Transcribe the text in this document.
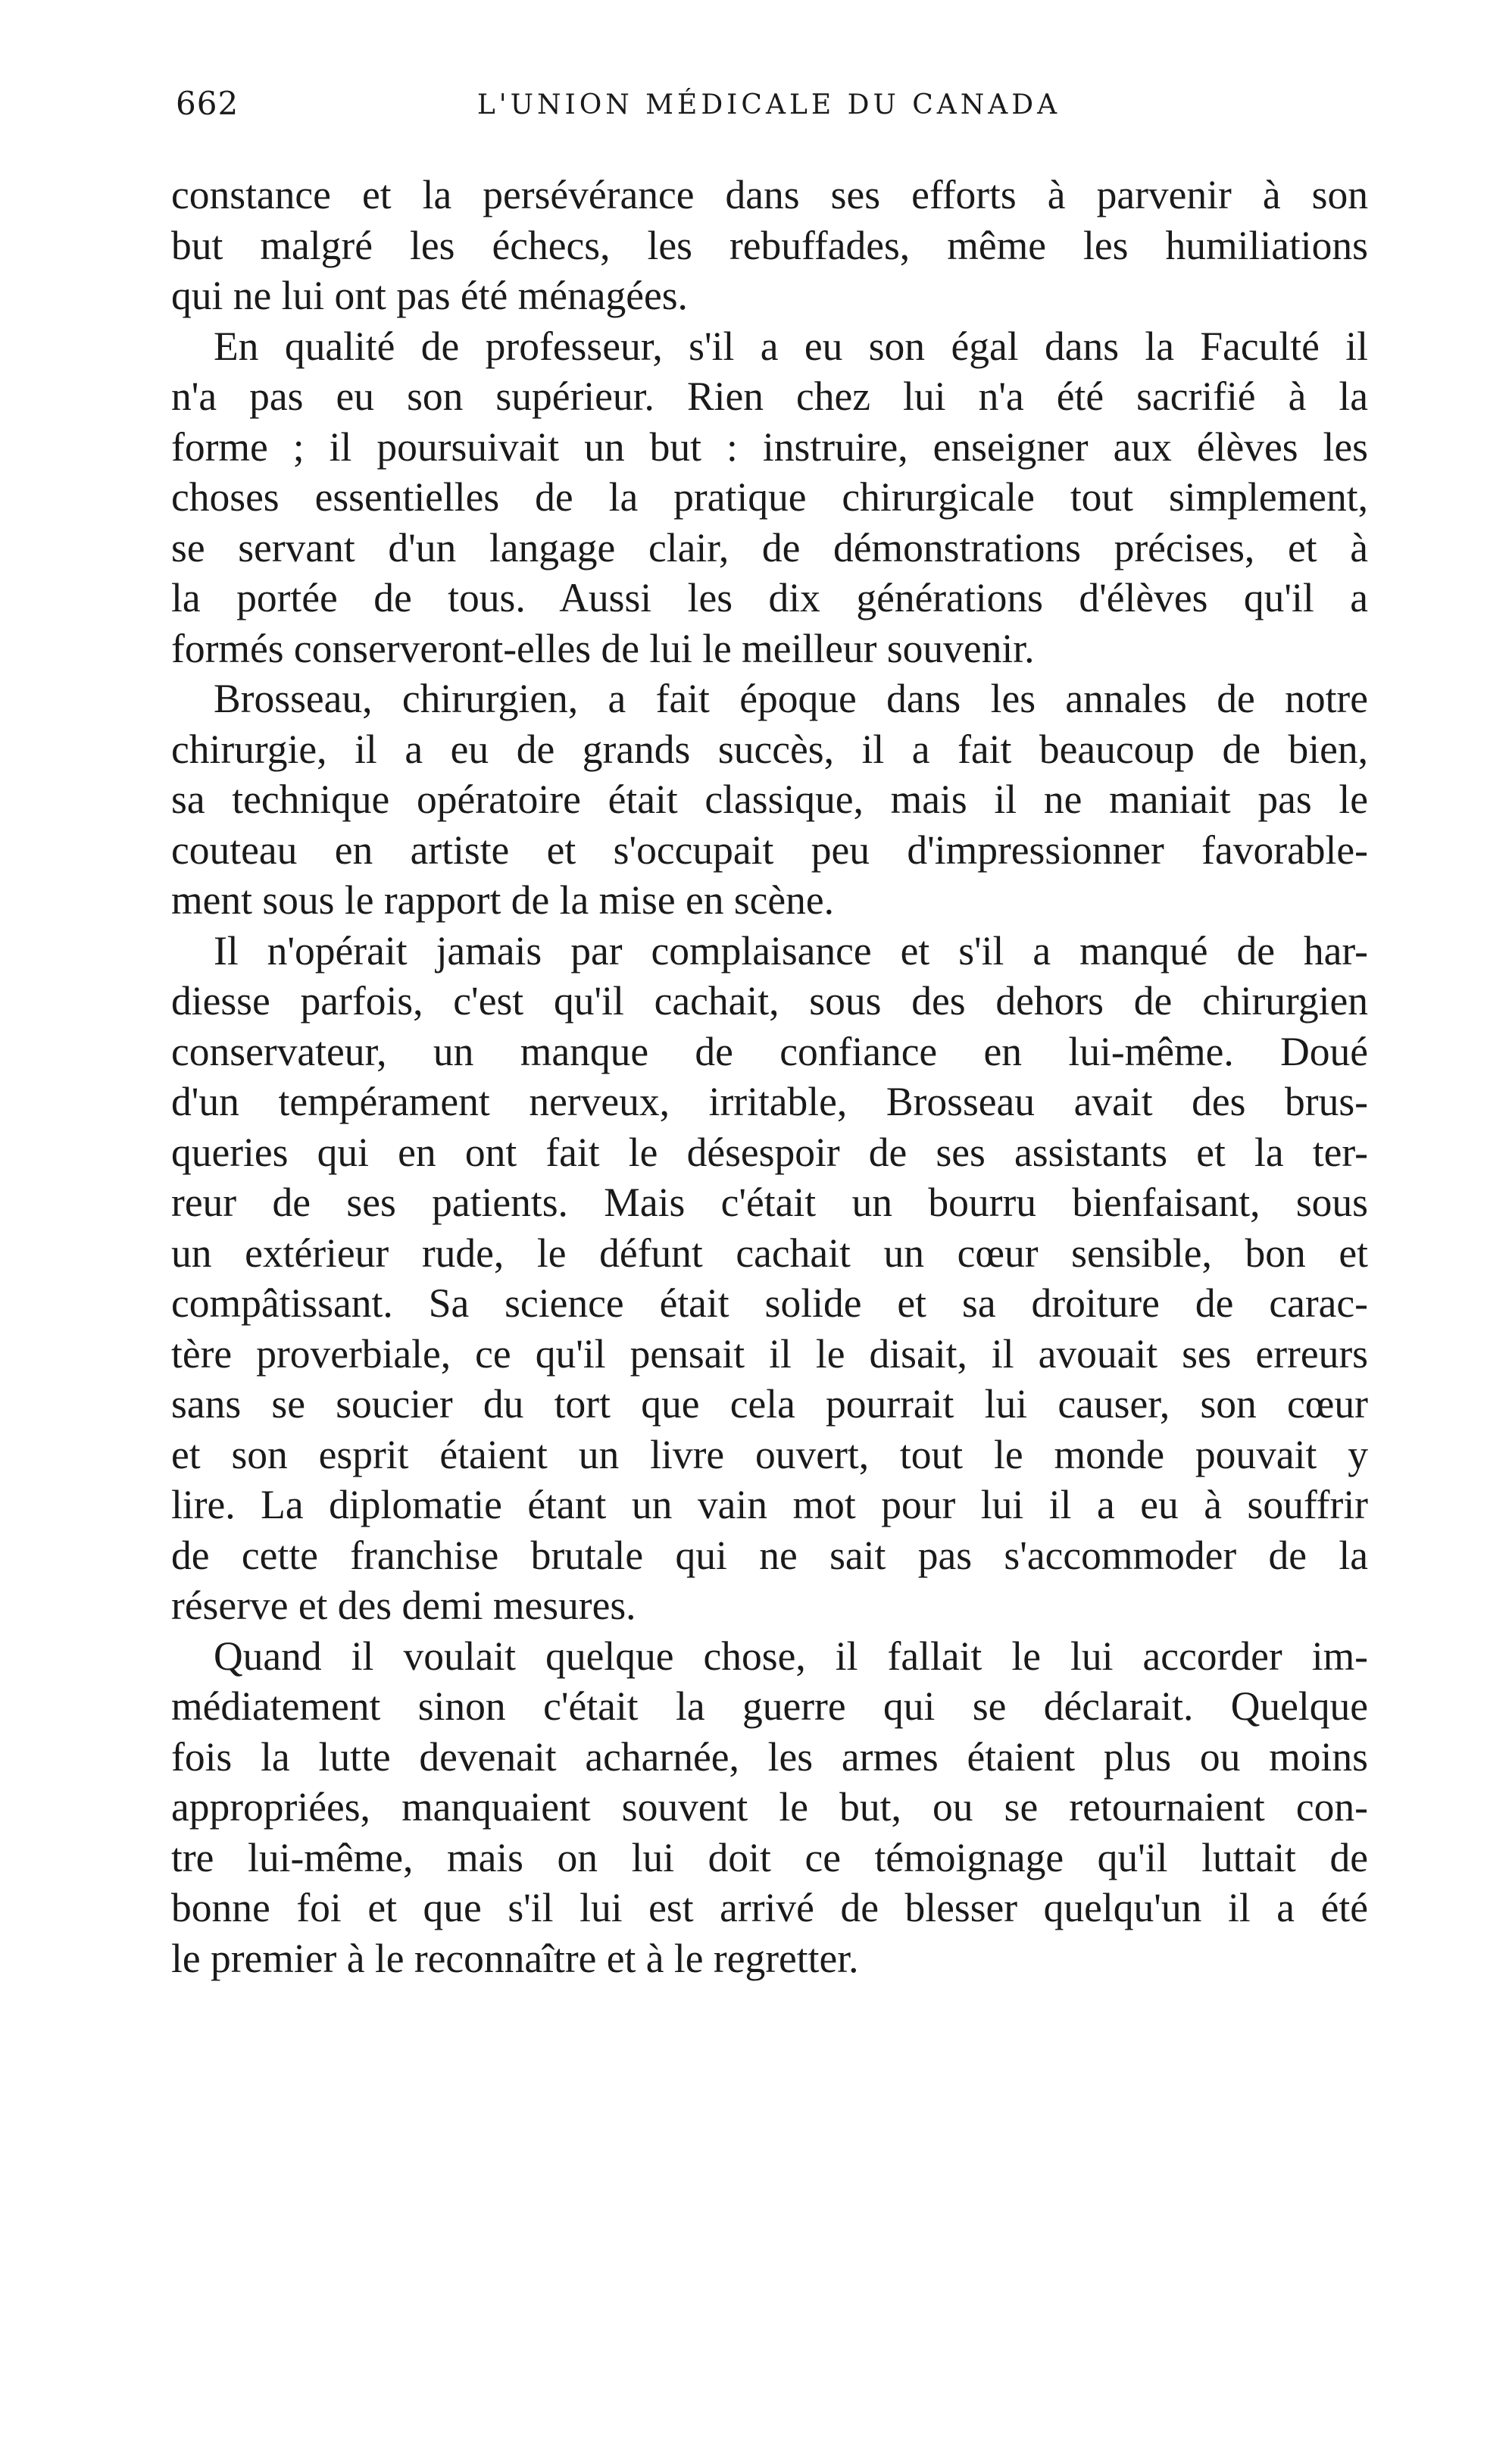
662	L'UNION MÉDICALE DU CANADA
constance et la persévérance dans ses efforts à parvenir à son
but malgré les échecs, les rebuffades, même les humiliations
qui ne lui ont pas été ménagées.
En qualité de professeur, s'il a eu son égal dans la Faculté il
n'a pas eu son supérieur. Rien chez lui n'a été sacrifié à la
forme ; il poursuivait un but : instruire, enseigner aux élèves les
choses essentielles de la pratique chirurgicale tout simplement,
se servant d'un langage clair, de démonstrations précises, et à
la portée de tous. Aussi les dix générations d'élèves qu'il a
formés conserveront-elles de lui le meilleur souvenir.
Brosseau, chirurgien, a fait époque dans les annales de notre
chirurgie, il a eu de grands succès, il a fait beaucoup de bien,
sa technique opératoire était classique, mais il ne maniait pas le
couteau en artiste et s'occupait peu d'impressionner favorable-
ment sous le rapport de la mise en scène.
Il n'opérait jamais par complaisance et s'il a manqué de har-
diesse parfois, c'est qu'il cachait, sous des dehors de chirurgien
conservateur, un manque de confiance en lui-même. Doué
d'un tempérament nerveux, irritable, Brosseau avait des brus-
queries qui en ont fait le désespoir de ses assistants et la ter-
reur de ses patients. Mais c'était un bourru bienfaisant, sous
un extérieur rude, le défunt cachait un cœur sensible, bon et
compâtissant. Sa science était solide et sa droiture de carac-
tère proverbiale, ce qu'il pensait il le disait, il avouait ses erreurs
sans se soucier du tort que cela pourrait lui causer, son cœur
et son esprit étaient un livre ouvert, tout le monde pouvait y
lire. La diplomatie étant un vain mot pour lui il a eu à souffrir
de cette franchise brutale qui ne sait pas s'accommoder de la
réserve et des demi mesures.
Quand il voulait quelque chose, il fallait le lui accorder im-
médiatement sinon c'était la guerre qui se déclarait. Quelque
fois la lutte devenait acharnée, les armes étaient plus ou moins
appropriées, manquaient souvent le but, ou se retournaient con-
tre lui-même, mais on lui doit ce témoignage qu'il luttait de
bonne foi et que s'il lui est arrivé de blesser quelqu'un il a été
le premier à le reconnaître et à le regretter.
